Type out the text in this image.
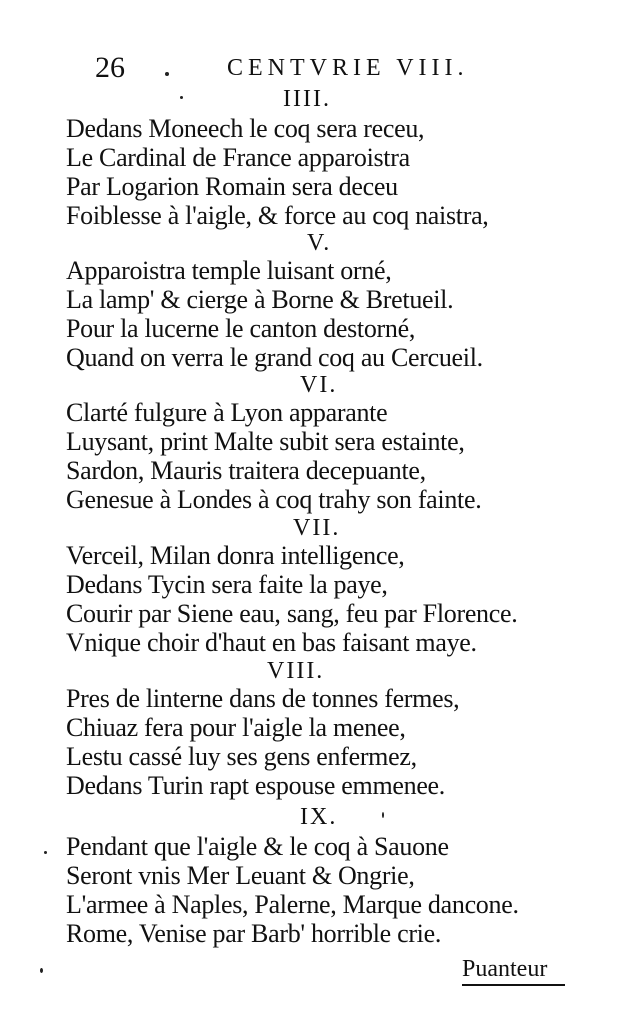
26	CENTVRIE VIII.
IIII.
Dedans Moneech le coq sera receu,
Le Cardinal de France apparoistra
Par Logarion Romain sera deceu
Foiblesse à l'aigle, & force au coq naistra,
V.
Apparoistra temple luisant orné,
La lamp' & cierge à Borne & Bretueil.
Pour la lucerne le canton destorné,
Quand on verra le grand coq au Cercueil.
VI.
Clarté fulgure à Lyon apparante
Luysant, print Malte subit sera estainte,
Sardon, Mauris traitera decepuante,
Genesue à Londes à coq trahy son fainte.
VII.
Verceil, Milan donra intelligence,
Dedans Tycin sera faite la paye,
Courir par Siene eau, sang, feu par Florence.
Vnique choir d'haut en bas faisant maye.
VIII.
Pres de linterne dans de tonnes fermes,
Chiuaz fera pour l'aigle la menee,
Lestu cassé luy ses gens enfermez,
Dedans Turin rapt espouse emmenee.
IX.
Pendant que l'aigle & le coq à Sauone
Seront vnis Mer Leuant & Ongrie,
L'armee à Naples, Palerne, Marque dancone.
Rome, Venise par Barb' horrible crie.
Puanteur
